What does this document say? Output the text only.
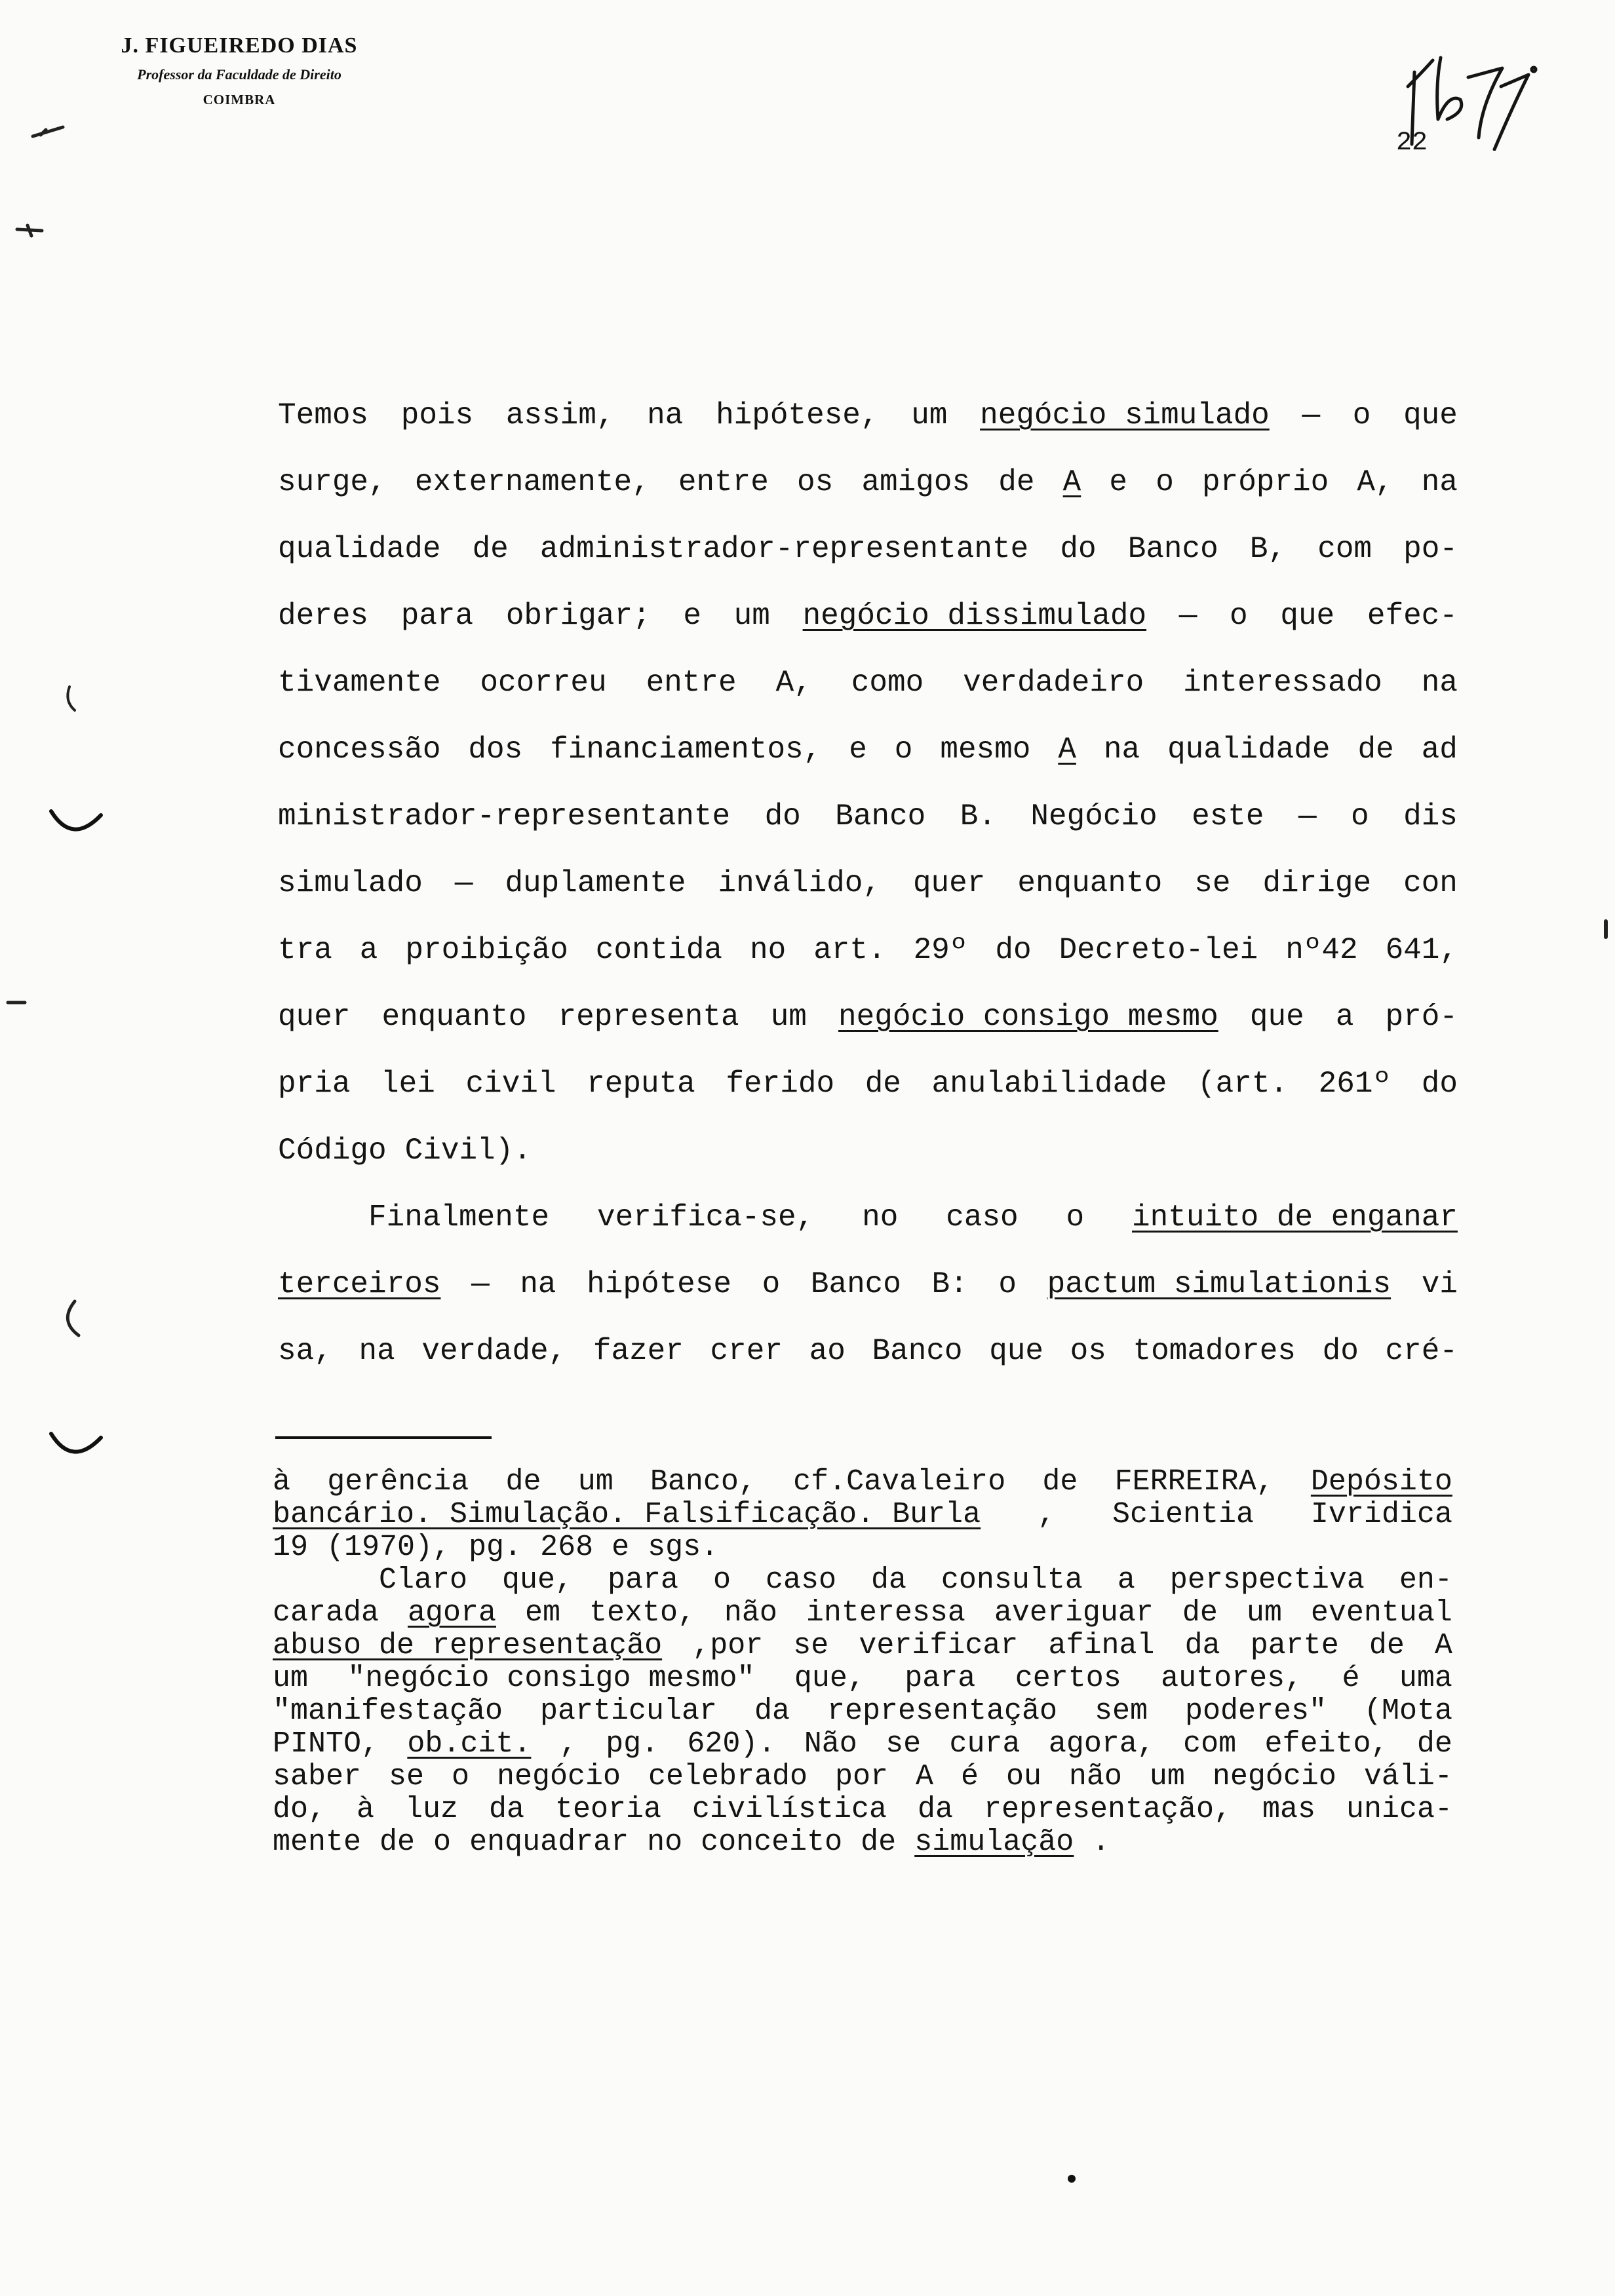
J. FIGUEIREDO DIAS
Professor da Faculdade de Direito
COIMBRA
22
Temos pois assim, na hipótese, um negócio simulado — o que
surge, externamente, entre os amigos de A e o próprio A, na
qualidade de administrador-representante do Banco B, com po-
deres para obrigar; e um negócio dissimulado — o que efec-
tivamente ocorreu entre A, como verdadeiro interessado na
concessão dos financiamentos, e o mesmo A na qualidade de ad
ministrador-representante do Banco B. Negócio este — o dis
simulado — duplamente inválido, quer enquanto se dirige con
tra a proibição contida no art. 29º do Decreto-lei nº42 641,
quer enquanto representa um negócio consigo mesmo que a pró-
pria lei civil reputa ferido de anulabilidade (art. 261º do
Código Civil).
Finalmente verifica-se, no caso o intuito de enganar
terceiros — na hipótese o Banco B: o pactum simulationis vi
sa, na verdade, fazer crer ao Banco que os tomadores do cré-
à gerência de um Banco, cf.Cavaleiro de FERREIRA, Depósito
bancário. Simulação. Falsificação. Burla , Scientia Ivridica
19 (1970), pg. 268 e sgs.
Claro que, para o caso da consulta a perspectiva en-
carada agora em texto, não interessa averiguar de um eventual
abuso de representação ,por se verificar afinal da parte de A
um "negócio consigo mesmo" que, para certos autores, é uma
"manifestação particular da representação sem poderes" (Mota
PINTO, ob.cit. , pg. 620). Não se cura agora, com efeito, de
saber se o negócio celebrado por A é ou não um negócio váli-
do, à luz da teoria civilística da representação, mas unica-
mente de o enquadrar no conceito de simulação .
